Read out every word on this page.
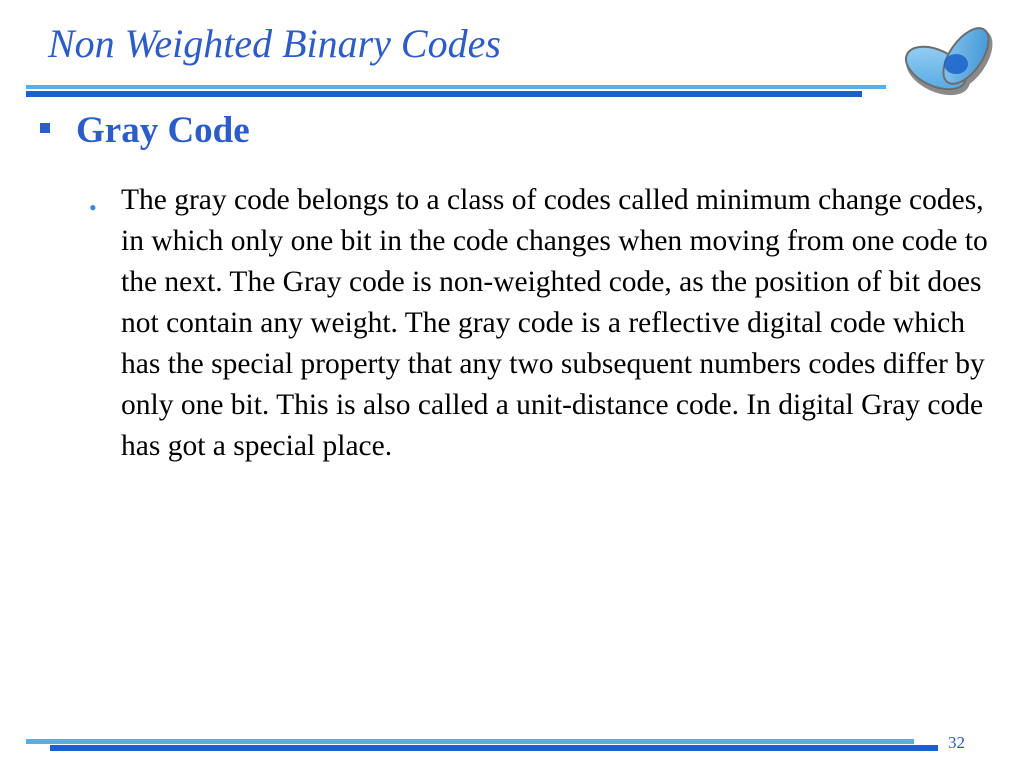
Non Weighted Binary Codes
Gray Code
• The gray code belongs to a class of codes called minimum change codes, in which only one bit in the code changes when moving from one code to the next. The Gray code is non-weighted code, as the position of bit does not contain any weight. The gray code is a reflective digital code which has the special property that any two subsequent numbers codes differ by only one bit. This is also called a unit-distance code. In digital Gray code has got a special place.

32
